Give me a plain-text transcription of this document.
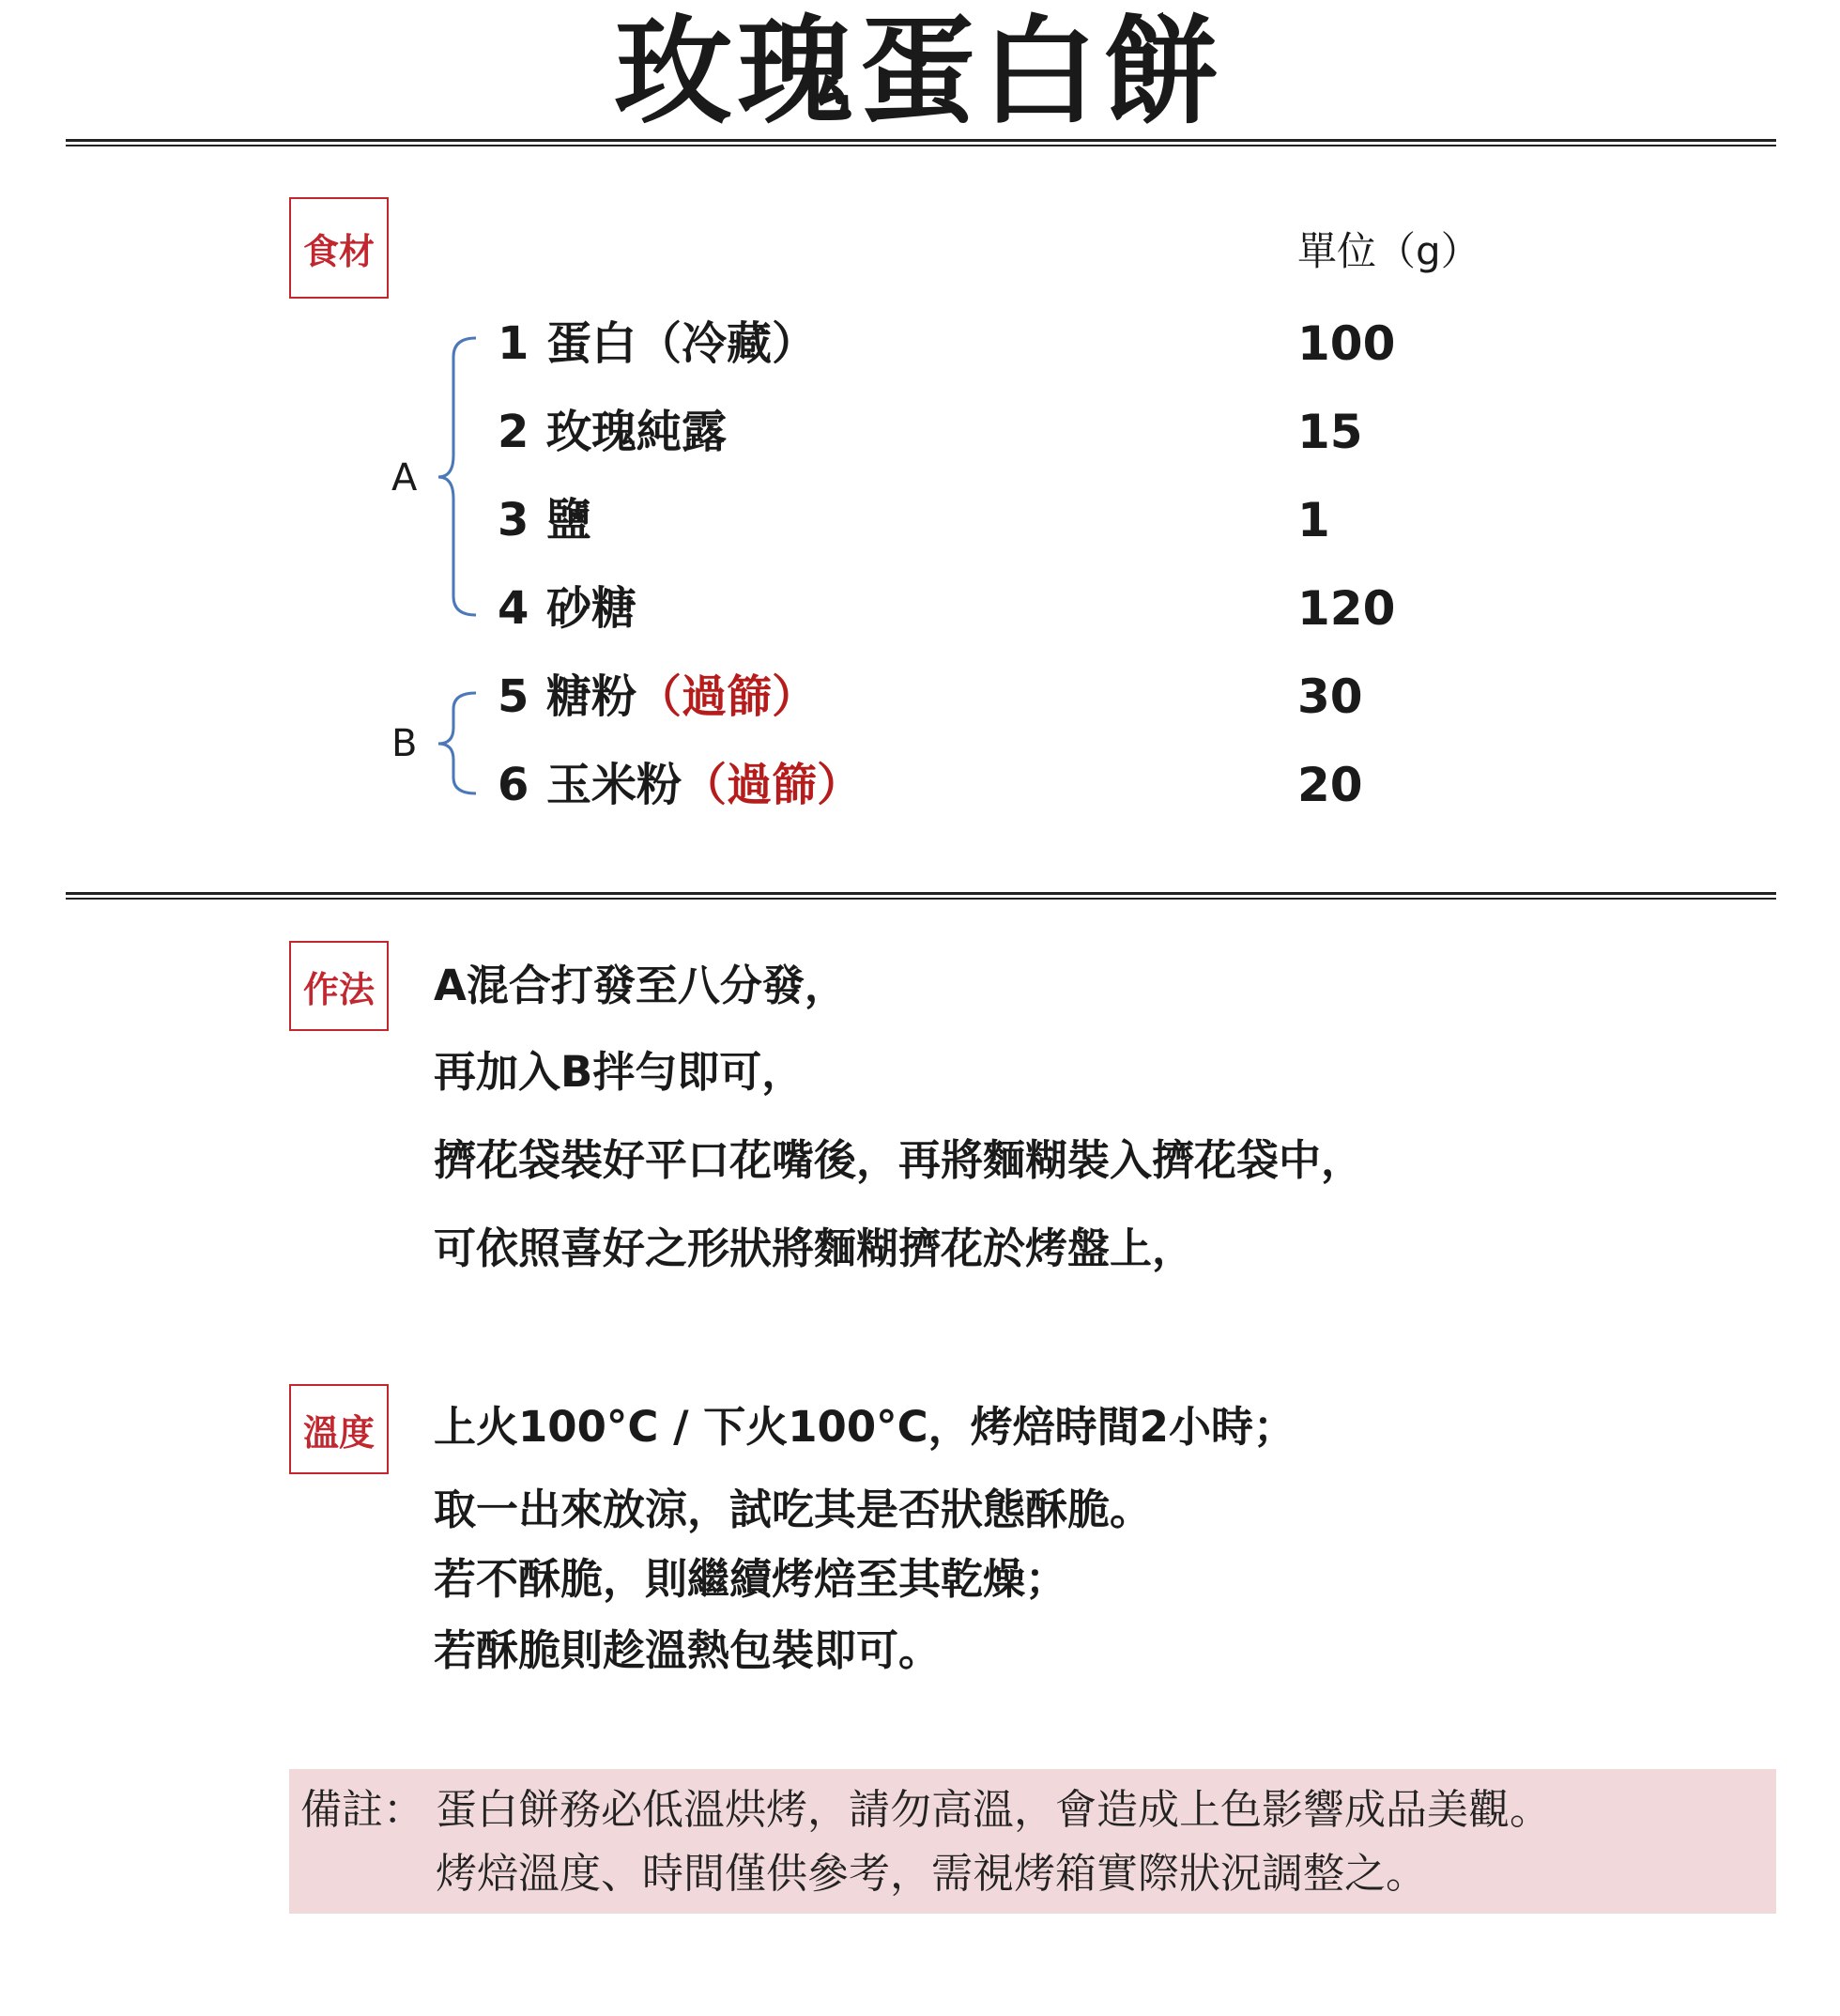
玫瑰蛋白餅
食材	單位（g）
A
B
1 蛋白（冷藏）	100
2 玫瑰純露	15
3 鹽	1
4 砂糖	120
5 糖粉（過篩）	30
6 玉米粉（過篩）	20
作法	A混合打發至八分發，
再加入B拌勻即可，
擠花袋裝好平口花嘴後，再將麵糊裝入擠花袋中，
可依照喜好之形狀將麵糊擠花於烤盤上，
溫度	上火100°C / 下火100°C，烤焙時間2小時；
取一出來放涼，試吃其是否狀態酥脆。
若不酥脆，則繼續烤焙至其乾燥；
若酥脆則趁溫熱包裝即可。
備註： 蛋白餅務必低溫烘烤，請勿高溫，會造成上色影響成品美觀。
烤焙溫度、時間僅供參考，需視烤箱實際狀況調整之。
